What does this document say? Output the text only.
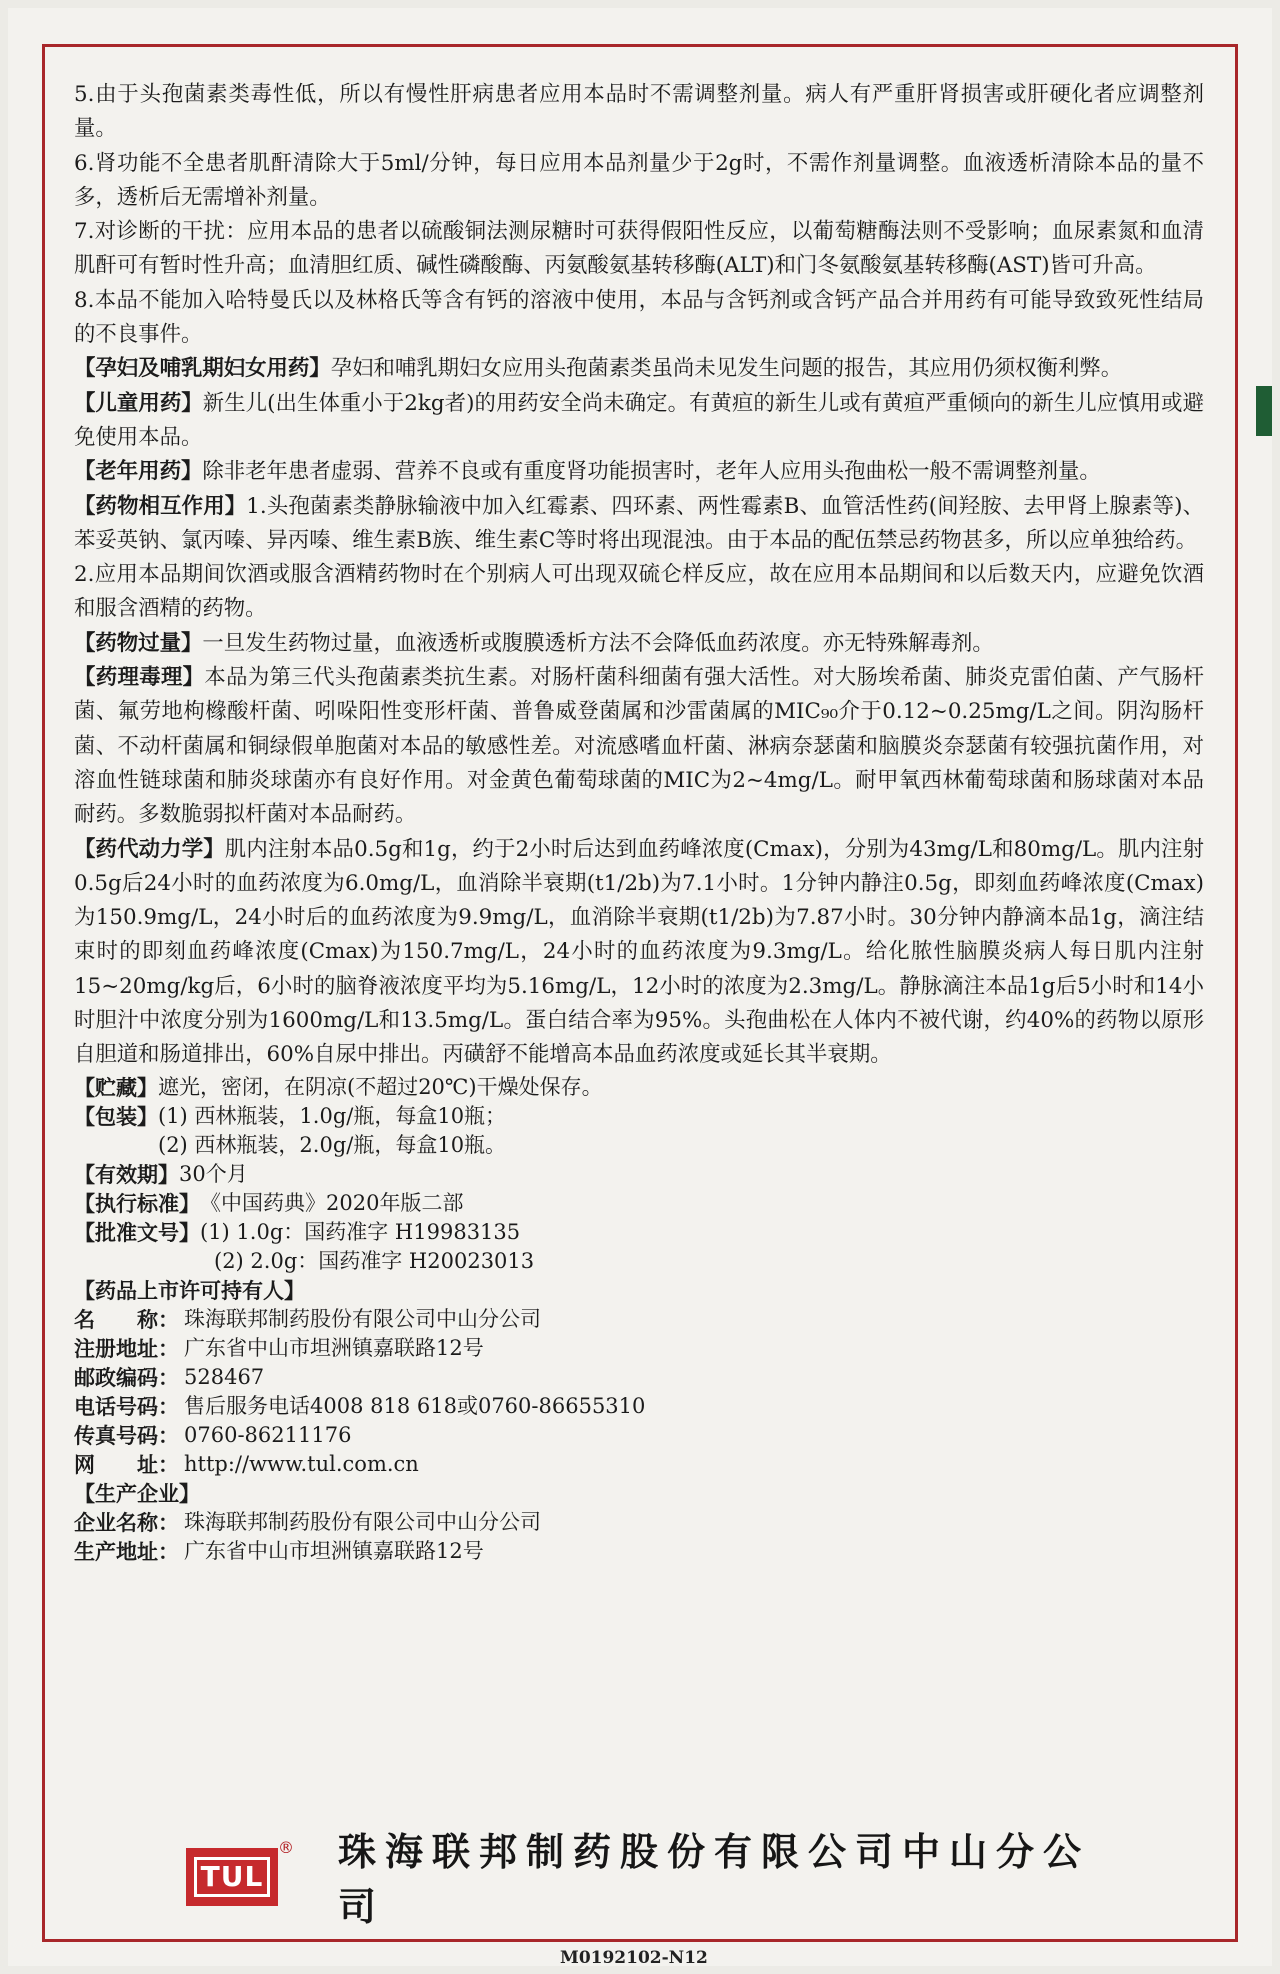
5.由于头孢菌素类毒性低，所以有慢性肝病患者应用本品时不需调整剂量。病人有严重肝肾损害或肝硬化者应调整剂量。

6.肾功能不全患者肌酐清除大于5ml/分钟，每日应用本品剂量少于2g时，不需作剂量调整。血液透析清除本品的量不多，透析后无需增补剂量。

7.对诊断的干扰：应用本品的患者以硫酸铜法测尿糖时可获得假阳性反应，以葡萄糖酶法则不受影响；血尿素氮和血清肌酐可有暂时性升高；血清胆红质、碱性磷酸酶、丙氨酸氨基转移酶(ALT)和门冬氨酸氨基转移酶(AST)皆可升高。

8.本品不能加入哈特曼氏以及林格氏等含有钙的溶液中使用，本品与含钙剂或含钙产品合并用药有可能导致致死性结局的不良事件。

【孕妇及哺乳期妇女用药】孕妇和哺乳期妇女应用头孢菌素类虽尚未见发生问题的报告，其应用仍须权衡利弊。

【儿童用药】新生儿(出生体重小于2kg者)的用药安全尚未确定。有黄疸的新生儿或有黄疸严重倾向的新生儿应慎用或避免使用本品。

【老年用药】除非老年患者虚弱、营养不良或有重度肾功能损害时，老年人应用头孢曲松一般不需调整剂量。

【药物相互作用】1.头孢菌素类静脉输液中加入红霉素、四环素、两性霉素B、血管活性药(间羟胺、去甲肾上腺素等)、苯妥英钠、氯丙嗪、异丙嗪、维生素B族、维生素C等时将出现混浊。由于本品的配伍禁忌药物甚多，所以应单独给药。

2.应用本品期间饮酒或服含酒精药物时在个别病人可出现双硫仑样反应，故在应用本品期间和以后数天内，应避免饮酒和服含酒精的药物。

【药物过量】一旦发生药物过量，血液透析或腹膜透析方法不会降低血药浓度。亦无特殊解毒剂。

【药理毒理】本品为第三代头孢菌素类抗生素。对肠杆菌科细菌有强大活性。对大肠埃希菌、肺炎克雷伯菌、产气肠杆菌、氟劳地枸橼酸杆菌、吲哚阳性变形杆菌、普鲁威登菌属和沙雷菌属的MIC₉₀介于0.12~0.25mg/L之间。阴沟肠杆菌、不动杆菌属和铜绿假单胞菌对本品的敏感性差。对流感嗜血杆菌、淋病奈瑟菌和脑膜炎奈瑟菌有较强抗菌作用，对溶血性链球菌和肺炎球菌亦有良好作用。对金黄色葡萄球菌的MIC为2~4mg/L。耐甲氧西林葡萄球菌和肠球菌对本品耐药。多数脆弱拟杆菌对本品耐药。

【药代动力学】肌内注射本品0.5g和1g，约于2小时后达到血药峰浓度(Cmax)，分别为43mg/L和80mg/L。肌内注射0.5g后24小时的血药浓度为6.0mg/L，血消除半衰期(t1/2b)为7.1小时。1分钟内静注0.5g，即刻血药峰浓度(Cmax)为150.9mg/L，24小时后的血药浓度为9.9mg/L，血消除半衰期(t1/2b)为7.87小时。30分钟内静滴本品1g，滴注结束时的即刻血药峰浓度(Cmax)为150.7mg/L，24小时的血药浓度为9.3mg/L。给化脓性脑膜炎病人每日肌内注射15~20mg/kg后，6小时的脑脊液浓度平均为5.16mg/L，12小时的浓度为2.3mg/L。静脉滴注本品1g后5小时和14小时胆汁中浓度分别为1600mg/L和13.5mg/L。蛋白结合率为95%。头孢曲松在人体内不被代谢，约40%的药物以原形自胆道和肠道排出，60%自尿中排出。丙磺舒不能增高本品血药浓度或延长其半衰期。

【贮藏】 遮光，密闭，在阴凉(不超过20℃)干燥处保存。
【包装】 (1) 西林瓶装，1.0g/瓶，每盒10瓶；
(2) 西林瓶装，2.0g/瓶，每盒10瓶。
【有效期】 30个月
【执行标准】 《中国药典》2020年版二部
【批准文号】 (1) 1.0g：国药准字 H19983135
(2) 2.0g：国药准字 H20023013
【药品上市许可持有人】
名　　称： 珠海联邦制药股份有限公司中山分公司
注册地址： 广东省中山市坦洲镇嘉联路12号
邮政编码： 528467
电话号码： 售后服务电话4008 818 618或0760-86655310
传真号码： 0760-86211176
网　　址： http://www.tul.com.cn
【生产企业】
企业名称： 珠海联邦制药股份有限公司中山分公司
生产地址： 广东省中山市坦洲镇嘉联路12号
TUL
® 珠海联邦制药股份有限公司中山分公司
M0192102-N12
